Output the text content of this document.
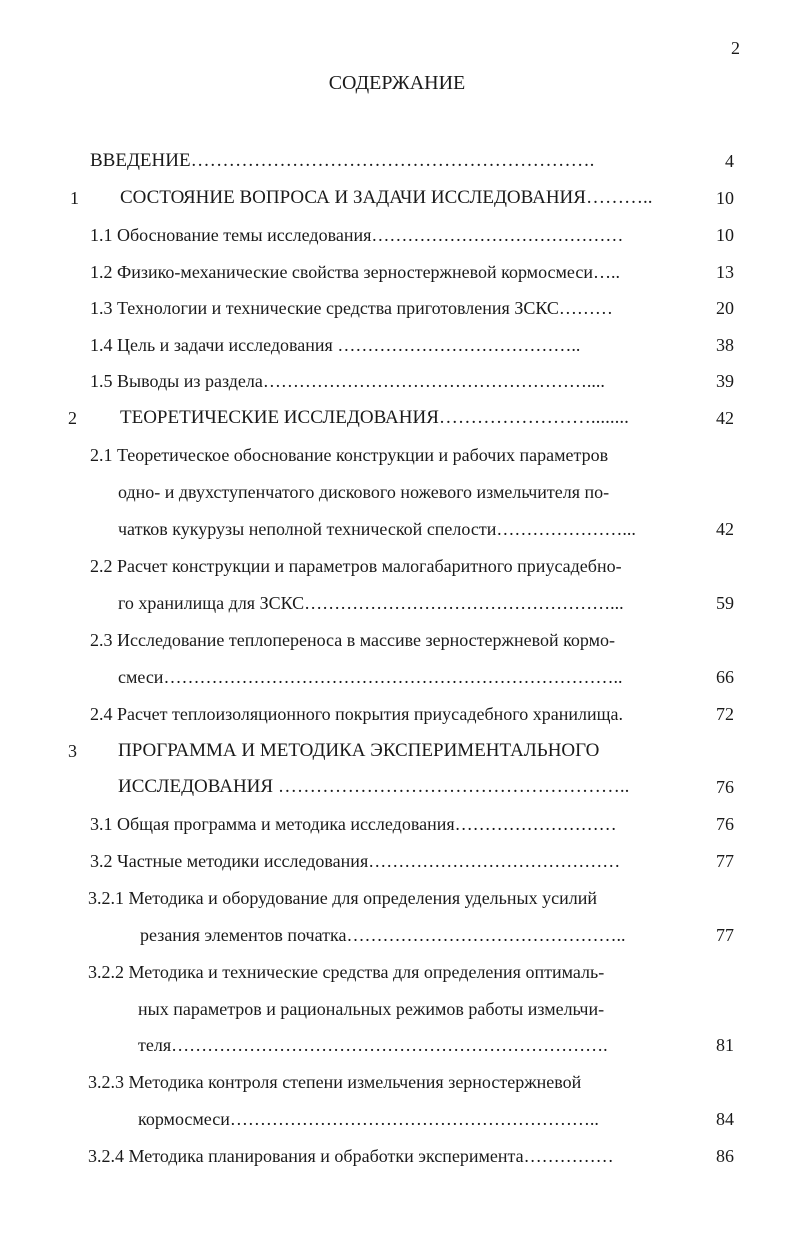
2
СОДЕРЖАНИЕ
ВВЕДЕНИЕ……………………………………………………….	4
1 СОСТОЯНИЕ ВОПРОСА И ЗАДАЧИ ИССЛЕДОВАНИЯ………..	10
1.1 Обоснование темы исследования……………………………………	10
1.2 Физико-механические свойства зерностержневой кормосмеси…..	13
1.3 Технологии и технические средства приготовления ЗСКС………	20
1.4 Цель и задачи исследования …………………………………..	38
1.5 Выводы из раздела………………………………………………....	39
2 ТЕОРЕТИЧЕСКИЕ ИССЛЕДОВАНИЯ……………………........	42
2.1 Теоретическое обоснование конструкции и рабочих параметров
одно- и двухступенчатого дискового ножевого измельчителя по-
чатков кукурузы неполной технической спелости…………………...	42
2.2 Расчет конструкции и параметров малогабаритного приусадебно-
го хранилища для ЗСКС……………………………………………...	59
2.3 Исследование теплопереноса в массиве зерностержневой кормо-
смеси…………………………………………………………………..	66
2.4 Расчет теплоизоляционного покрытия приусадебного хранилища.	72
3 ПРОГРАММА И МЕТОДИКА ЭКСПЕРИМЕНТАЛЬНОГО
ИССЛЕДОВАНИЯ ………………………………………………..	76
3.1 Общая программа и методика исследования………………………	76
3.2 Частные методики исследования……………………………………	77
3.2.1 Методика и оборудование для определения удельных усилий
резания элементов початка………………………………………..	77
3.2.2 Методика и технические средства для определения оптималь-
ных параметров и рациональных режимов работы измельчи-
теля……………………………………………………………….	81
3.2.3 Методика контроля степени измельчения зерностержневой
кормосмеси……………………………………………………..	84
3.2.4 Методика планирования и обработки эксперимента……………	86
